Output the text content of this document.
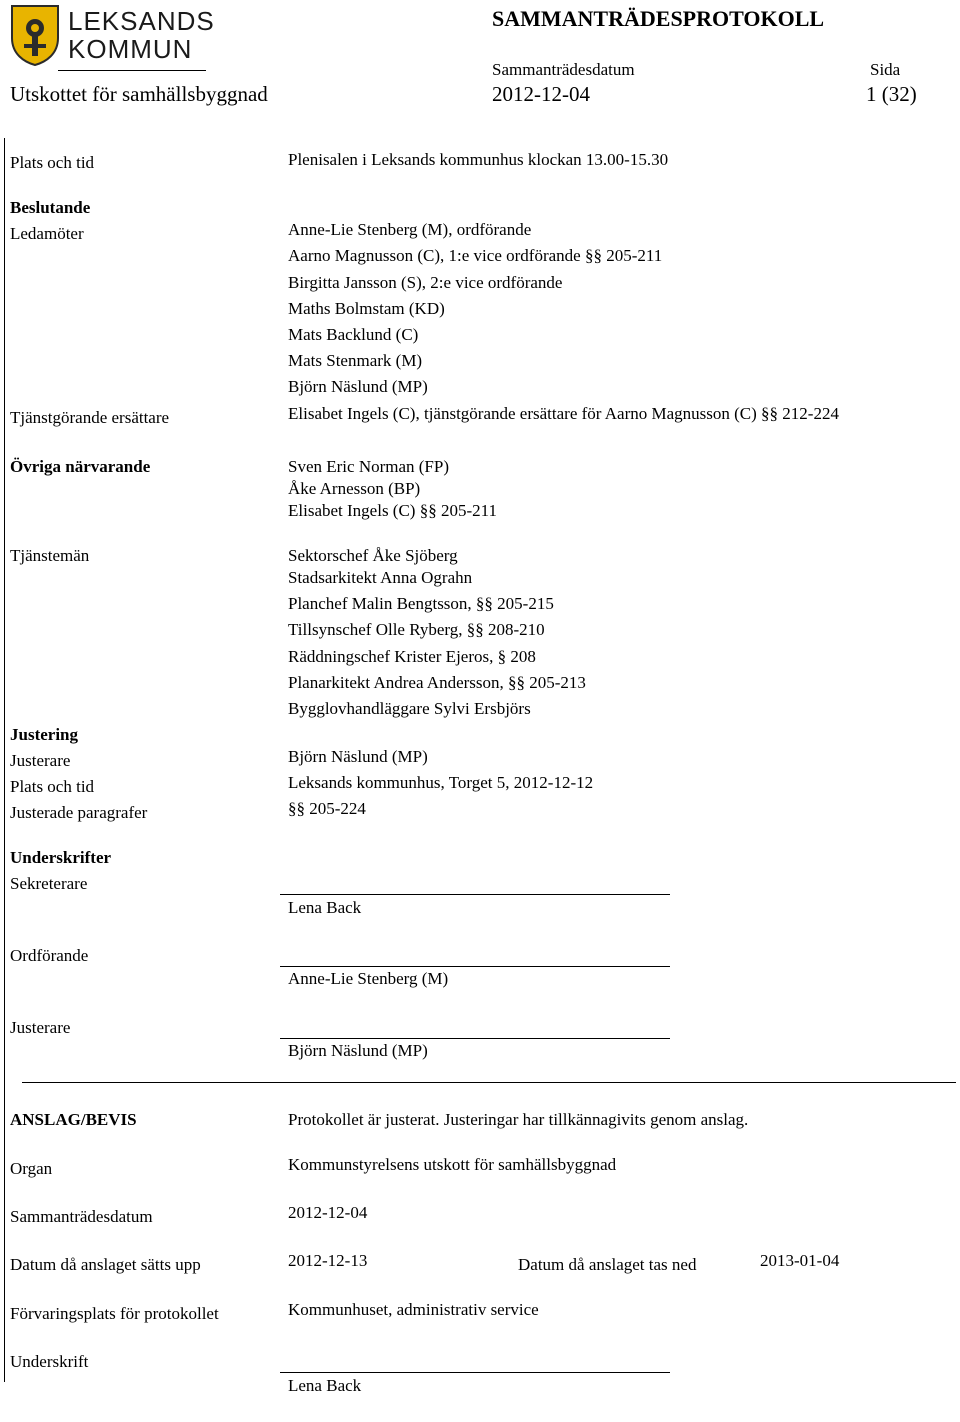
LEKSANDS
KOMMUN
SAMMANTRÄDESPROTOKOLL
Sammanträdesdatum	Sida
Utskottet för samhällsbyggnad	2012-12-04	1 (32)
Plats och tid	Plenisalen i Leksands kommunhus klockan 13.00-15.30
Beslutande
Ledamöter	Anne-Lie Stenberg (M), ordförande
Aarno Magnusson (C), 1:e vice ordförande §§ 205-211
Birgitta Jansson (S), 2:e vice ordförande
Maths Bolmstam (KD)
Mats Backlund (C)
Mats Stenmark (M)
Björn Näslund (MP)
Tjänstgörande ersättare	Elisabet Ingels (C), tjänstgörande ersättare för Aarno Magnusson (C) §§ 212-224
Övriga närvarande	Sven Eric Norman (FP)
Åke Arnesson (BP)
Elisabet Ingels (C) §§ 205-211
Tjänstemän	Sektorschef Åke Sjöberg
Stadsarkitekt Anna Ograhn
Planchef Malin Bengtsson, §§ 205-215
Tillsynschef Olle Ryberg, §§ 208-210
Räddningschef Krister Ejeros, § 208
Planarkitekt Andrea Andersson, §§ 205-213
Bygglovhandläggare Sylvi Ersbjörs
Justering
Justerare	Björn Näslund (MP)
Plats och tid	Leksands kommunhus, Torget 5, 2012-12-12
Justerade paragrafer	§§ 205-224
Underskrifter
Sekreterare
Lena Back
Ordförande
Anne-Lie Stenberg (M)
Justerare
Björn Näslund (MP)
ANSLAG/BEVIS	Protokollet är justerat. Justeringar har tillkännagivits genom anslag.
Organ	Kommunstyrelsens utskott för samhällsbyggnad
Sammanträdesdatum	2012-12-04
Datum då anslaget sätts upp	2012-12-13	Datum då anslaget tas ned	2013-01-04
Förvaringsplats för protokollet	Kommunhuset, administrativ service
Underskrift
Lena Back
